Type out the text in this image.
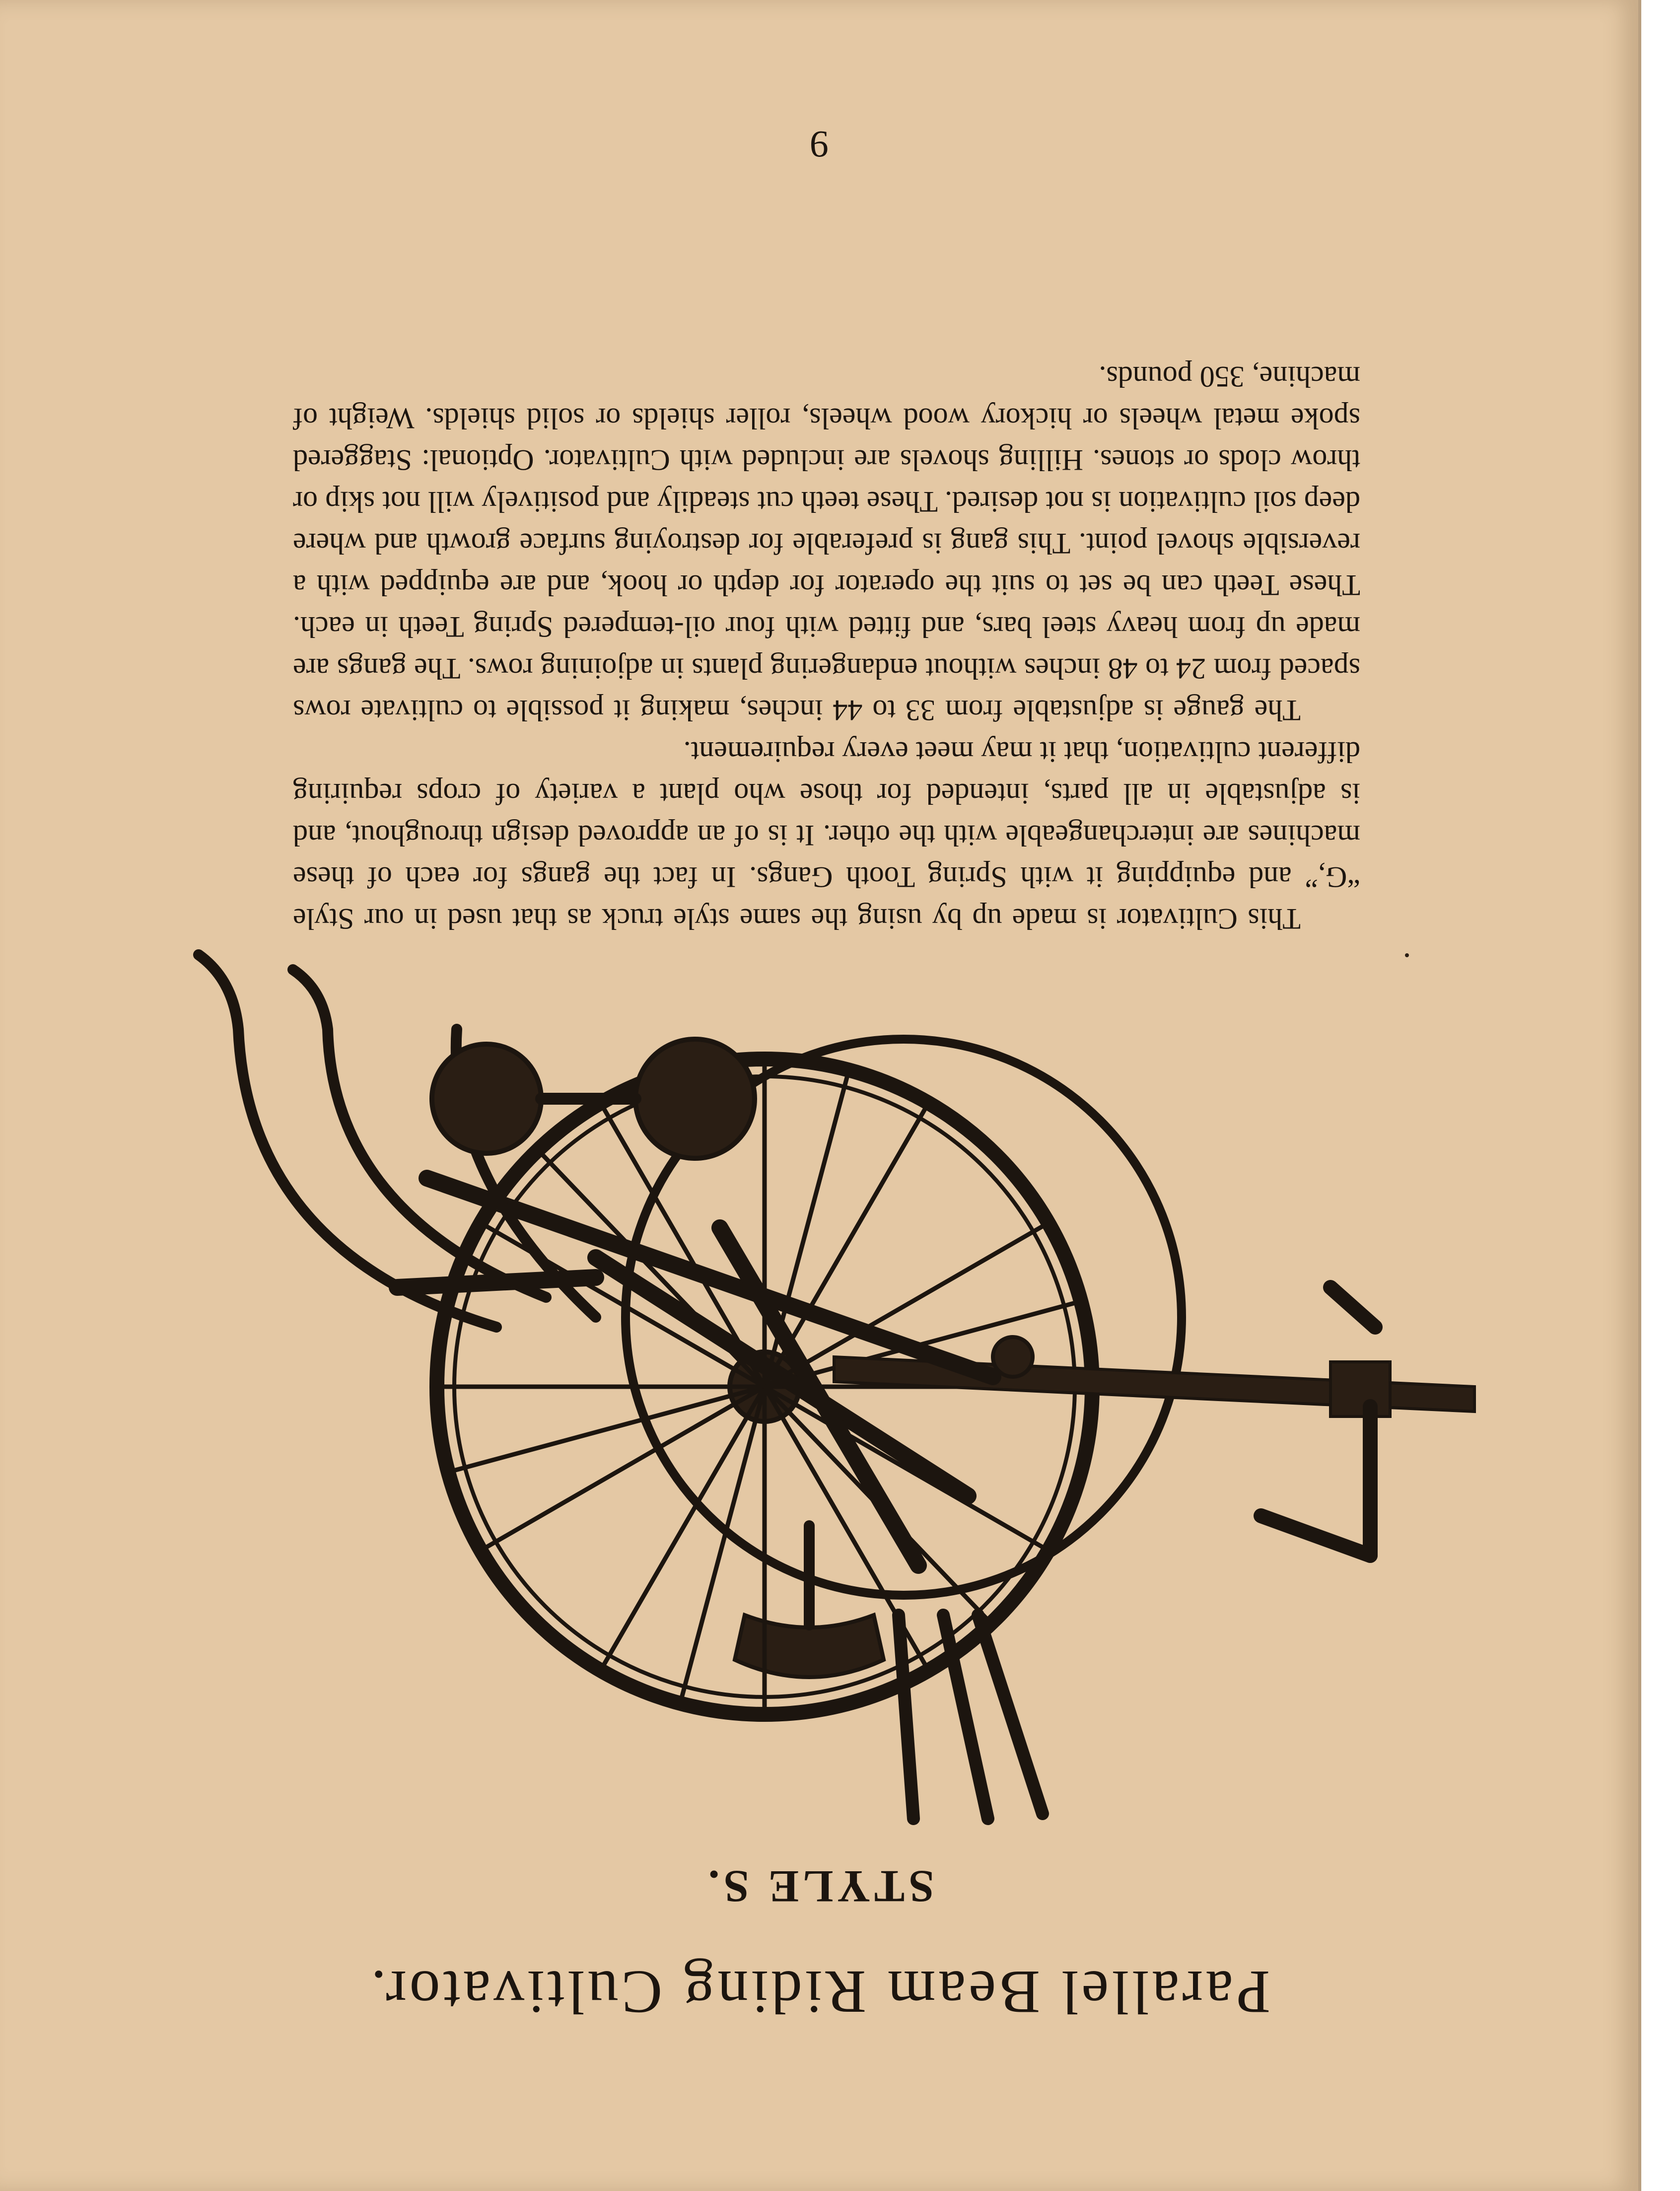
Parallel Beam Riding Cultivator.
STYLE S.

This Cultivator is made up by using the same style truck as that used in our Style “G,” and equipping it with Spring Tooth Gangs. In fact the gangs for each of these machines are interchangeable with the other. It is of an approved design throughout, and is adjustable in all parts, intended for those who plant a variety of crops requiring different cultivation, that it may meet every requirement.

The gauge is adjustable from 33 to 44 inches, making it possible to cultivate rows spaced from 24 to 48 inches without endangering plants in adjoining rows. The gangs are made up from heavy steel bars, and fitted with four oil-tempered Spring Teeth in each. These Teeth can be set to suit the operator for depth or hook, and are equipped with a reversible shovel point. This gang is preferable for destroying surface growth and where deep soil cultivation is not desired. These teeth cut steadily and positively will not skip or throw clods or stones. Hilling shovels are included with Cultivator. Optional: Staggered spoke metal wheels or hickory wood wheels, roller shields or solid shields. Weight of machine, 350 pounds.

9
